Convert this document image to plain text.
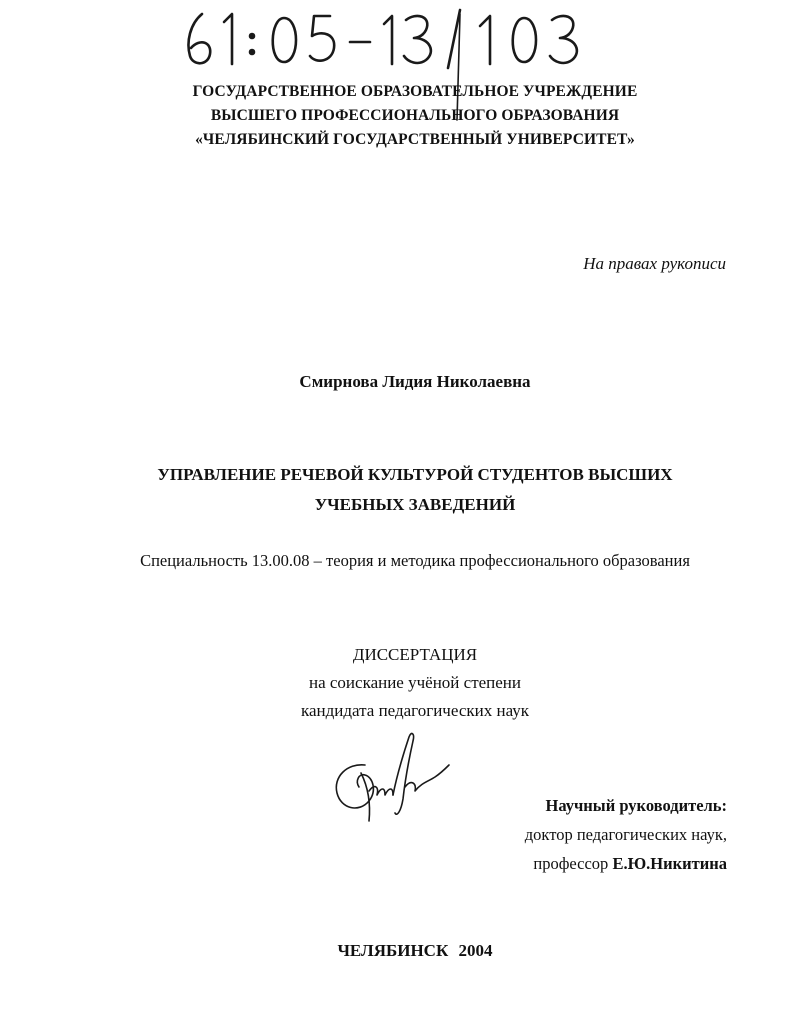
ГОСУДАРСТВЕННОЕ ОБРАЗОВАТЕЛЬНОЕ УЧРЕЖДЕНИЕ
ВЫСШЕГО ПРОФЕССИОНАЛЬНОГО ОБРАЗОВАНИЯ
«ЧЕЛЯБИНСКИЙ ГОСУДАРСТВЕННЫЙ УНИВЕРСИТЕТ»
На правах рукописи
Смирнова Лидия Николаевна
УПРАВЛЕНИЕ РЕЧЕВОЙ КУЛЬТУРОЙ СТУДЕНТОВ ВЫСШИХ
УЧЕБНЫХ ЗАВЕДЕНИЙ
Специальность 13.00.08 – теория и методика профессионального образования
ДИССЕРТАЦИЯ
на соискание учёной степени
кандидата педагогических наук
Научный руководитель:
доктор педагогических наук,
профессор Е.Ю.Никитина
ЧЕЛЯБИНСК 2004
